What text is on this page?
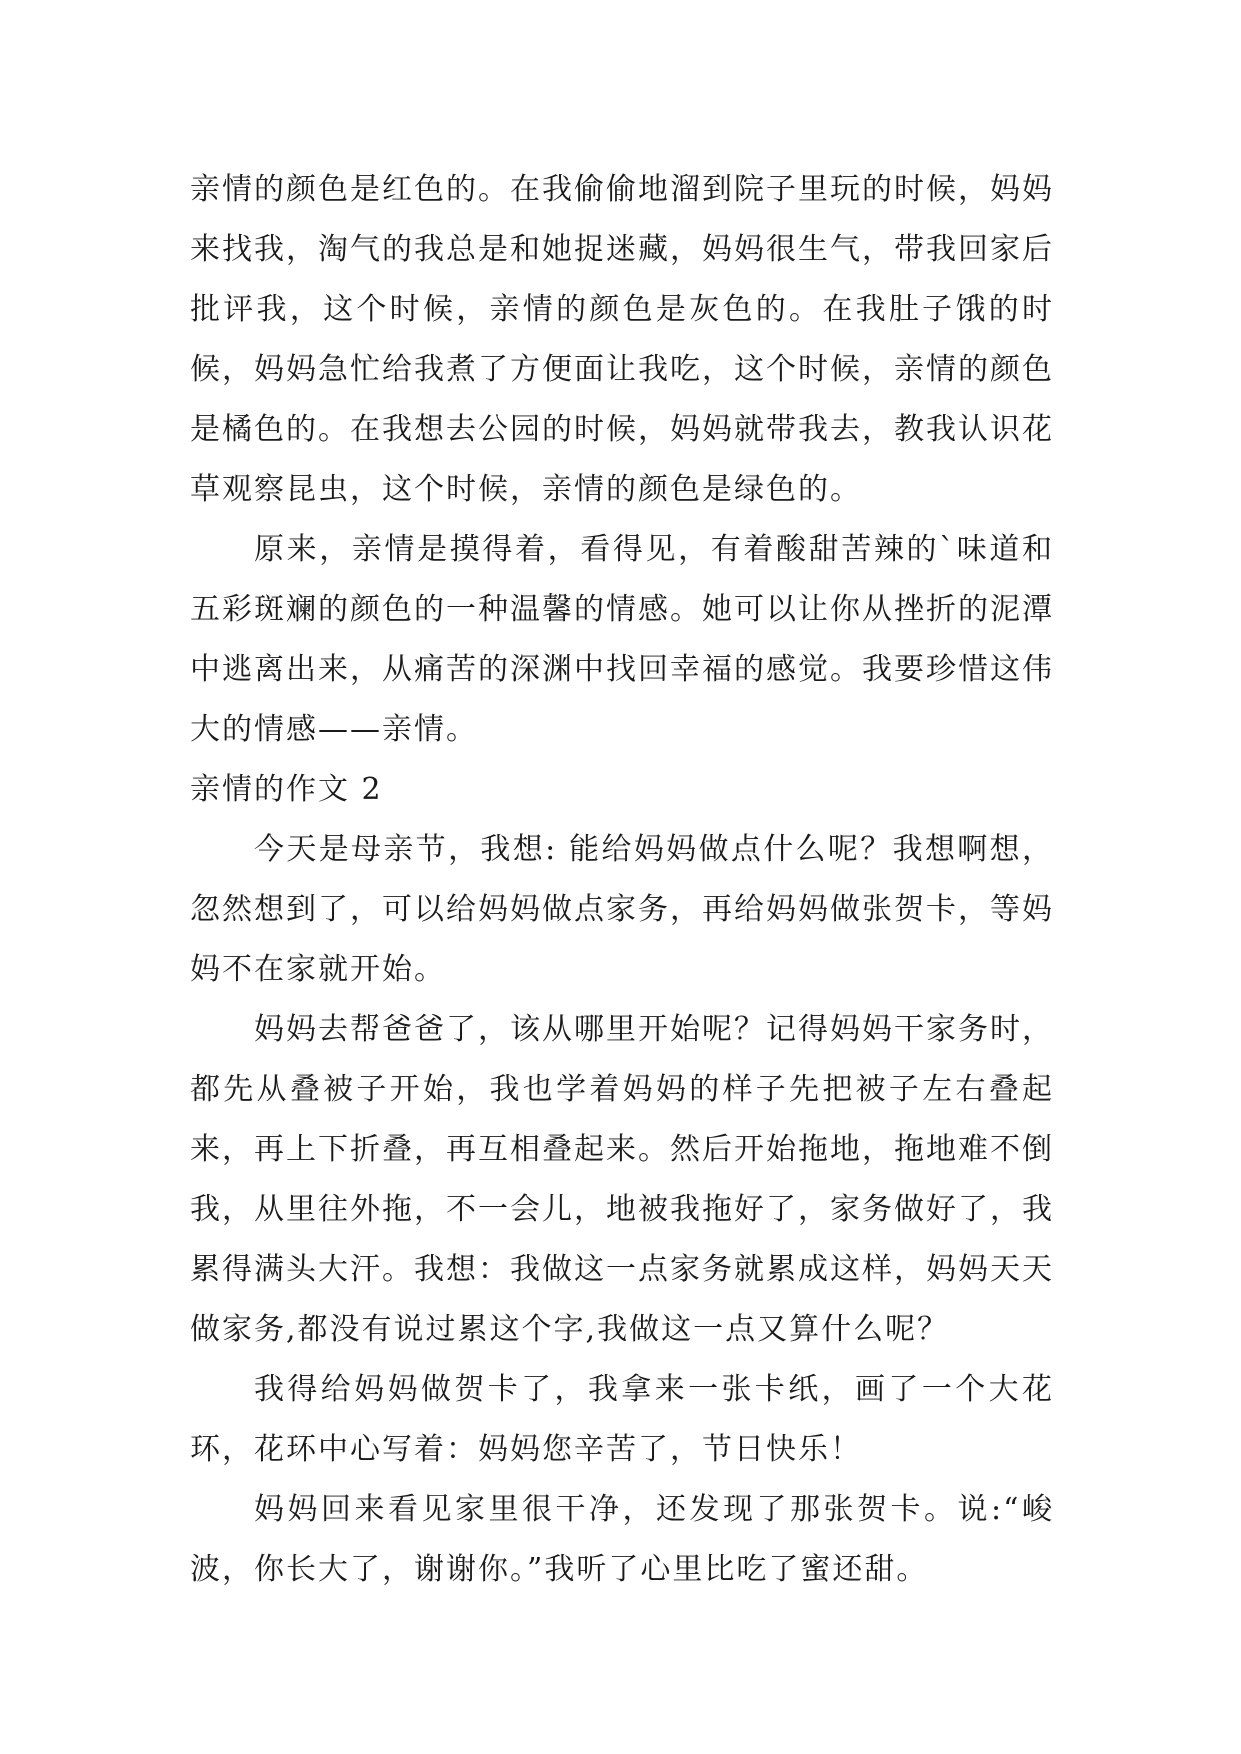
亲情的颜色是红色的。在我偷偷地溜到院子里玩的时候，妈妈来找我，淘气的我总是和她捉迷藏，妈妈很生气，带我回家后批评我，这个时候，亲情的颜色是灰色的。在我肚子饿的时候，妈妈急忙给我煮了方便面让我吃，这个时候，亲情的颜色是橘色的。在我想去公园的时候，妈妈就带我去，教我认识花草观察昆虫，这个时候，亲情的颜色是绿色的。

原来，亲情是摸得着，看得见，有着酸甜苦辣的`味道和五彩斑斓的颜色的一种温馨的情感。她可以让你从挫折的泥潭中逃离出来，从痛苦的深渊中找回幸福的感觉。我要珍惜这伟大的情感——亲情。

亲情的作文 2

今天是母亲节，我想: 能给妈妈做点什么呢？我想啊想，忽然想到了，可以给妈妈做点家务，再给妈妈做张贺卡，等妈妈不在家就开始。

妈妈去帮爸爸了，该从哪里开始呢？记得妈妈干家务时，都先从叠被子开始，我也学着妈妈的样子先把被子左右叠起来，再上下折叠，再互相叠起来。然后开始拖地，拖地难不倒我，从里往外拖，不一会儿，地被我拖好了，家务做好了，我累得满头大汗。我想：我做这一点家务就累成这样，妈妈天天做家务,都没有说过累这个字,我做这一点又算什么呢？

我得给妈妈做贺卡了，我拿来一张卡纸，画了一个大花环，花环中心写着：妈妈您辛苦了，节日快乐！

妈妈回来看见家里很干净，还发现了那张贺卡。说:“峻波，你长大了，谢谢你。”我听了心里比吃了蜜还甜。
